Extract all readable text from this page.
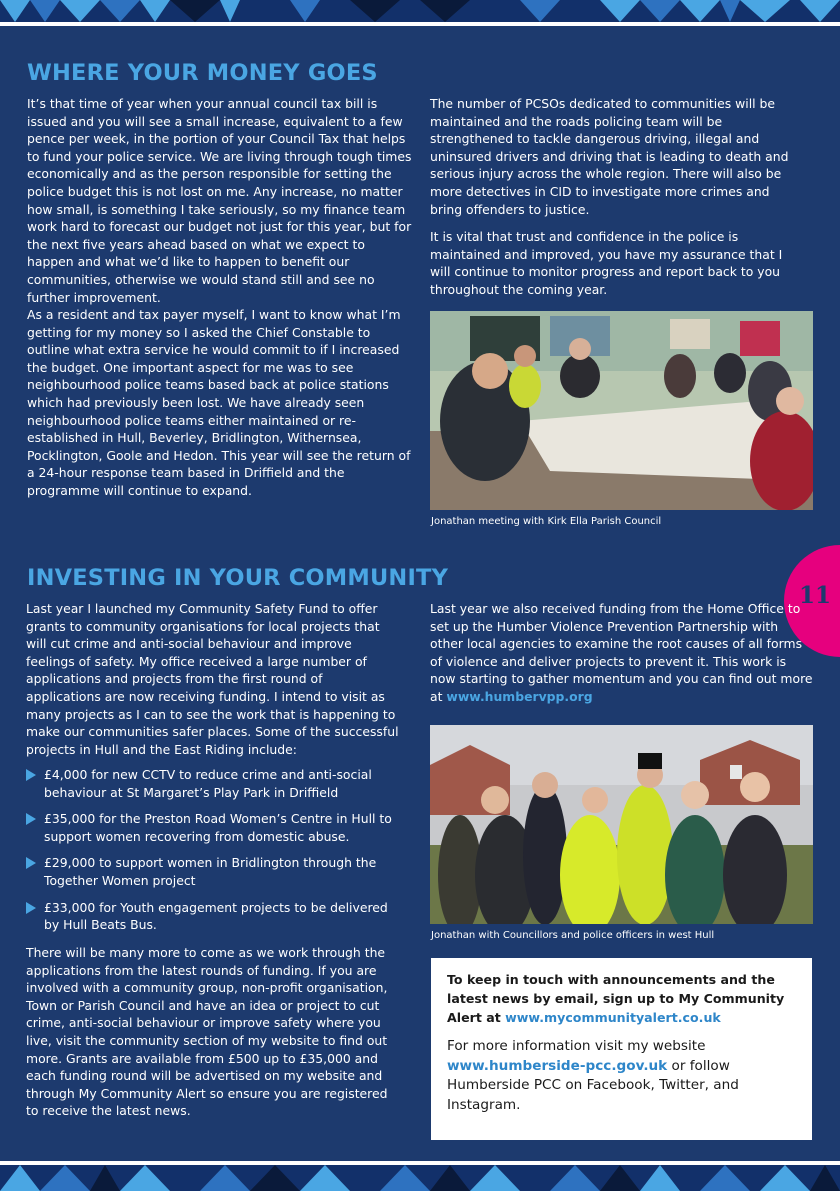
WHERE YOUR MONEY GOES

It’s that time of year when your annual council tax bill is issued and you will see a small increase, equivalent to a few pence per week, in the portion of your Council Tax that helps to fund your police service. We are living through tough times economically and as the person responsible for setting the police budget this is not lost on me. Any increase, no matter how small, is something I take seriously, so my finance team work hard to forecast our budget not just for this year, but for the next five years ahead based on what we expect to happen and what we’d like to happen to benefit our communities, otherwise we would stand still and see no further improvement.

As a resident and tax payer myself, I want to know what I’m getting for my money so I asked the Chief Constable to outline what extra service he would commit to if I increased the budget. One important aspect for me was to see neighbourhood police teams based back at police stations which had previously been lost. We have already seen neighbourhood police teams either maintained or re-established in Hull, Beverley, Bridlington, Withernsea, Pocklington, Goole and Hedon. This year will see the return of a 24-hour response team based in Driffield and the programme will continue to expand.

The number of PCSOs dedicated to communities will be maintained and the roads policing team will be strengthened to tackle dangerous driving, illegal and uninsured drivers and driving that is leading to death and serious injury across the whole region. There will also be more detectives in CID to investigate more crimes and bring offenders to justice.

It is vital that trust and confidence in the police is maintained and improved, you have my assurance that I will continue to monitor progress and report back to you throughout the coming year.

Jonathan meeting with Kirk Ella Parish Council

11
INVESTING IN YOUR COMMUNITY

Last year I launched my Community Safety Fund to offer grants to community organisations for local projects that will cut crime and anti-social behaviour and improve feelings of safety. My office received a large number of applications and projects from the first round of applications are now receiving funding. I intend to visit as many projects as I can to see the work that is happening to make our communities safer places. Some of the successful projects in Hull and the East Riding include:

£4,000 for new CCTV to reduce crime and anti-social behaviour at St Margaret’s Play Park in Driffield
£35,000 for the Preston Road Women’s Centre in Hull to support women recovering from domestic abuse.
£29,000 to support women in Bridlington through the Together Women project
£33,000 for Youth engagement projects to be delivered by Hull Beats Bus.

There will be many more to come as we work through the applications from the latest rounds of funding. If you are involved with a community group, non-profit organisation, Town or Parish Council and have an idea or project to cut crime, anti-social behaviour or improve safety where you live, visit the community section of my website to find out more. Grants are available from £500 up to £35,000 and each funding round will be advertised on my website and through My Community Alert so ensure you are registered to receive the latest news.

Last year we also received funding from the Home Office to set up the Humber Violence Prevention Partnership with other local agencies to examine the root causes of all forms of violence and deliver projects to prevent it. This work is now starting to gather momentum and you can find out more at www.humbervpp.org

Jonathan with Councillors and police officers in west Hull

To keep in touch with announcements and the latest news by email, sign up to My Community Alert at www.mycommunityalert.co.uk

For more information visit my website www.humberside-pcc.gov.uk or follow Humberside PCC on Facebook, Twitter, and Instagram.
